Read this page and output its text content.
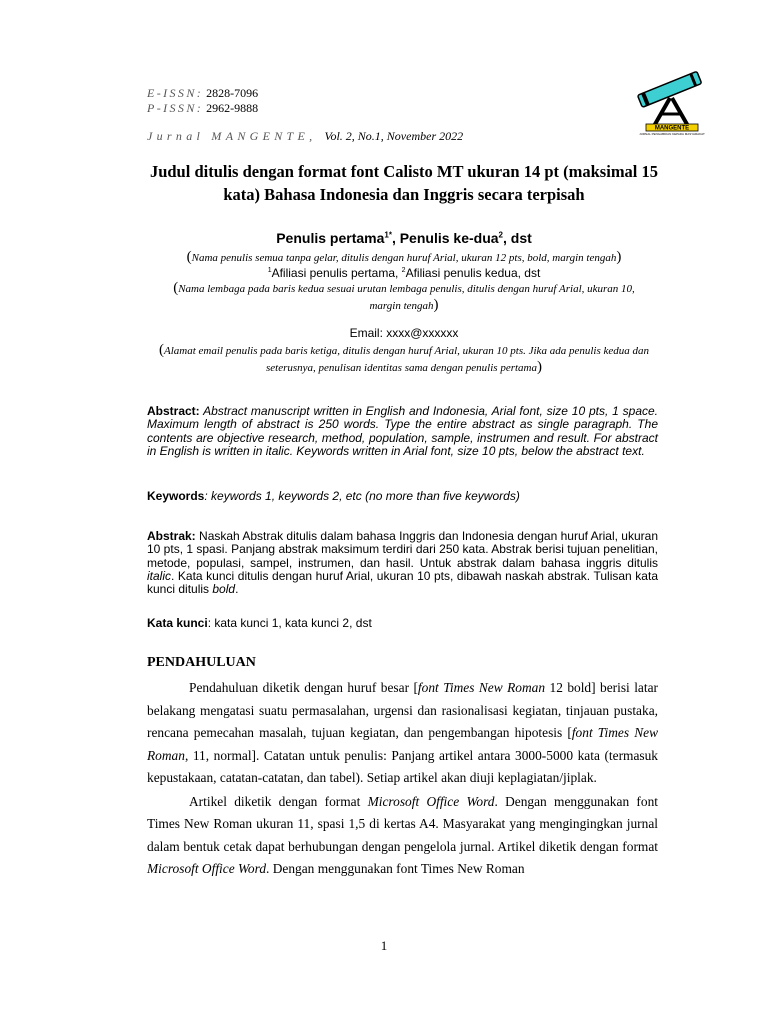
E-ISSN: 2828-7096
P-ISSN: 2962-9888
Jurnal MANGENTE, Vol. 2, No.1, November 2022
MANGENTE
JURNAL PENGABDIAN KEPADA MASYARAKAT
Judul ditulis dengan format font Calisto MT ukuran 14 pt (maksimal 15 kata) Bahasa Indonesia dan Inggris secara terpisah
Penulis pertama$^{1*}$, Penulis ke-dua$^2$, dst
(Nama penulis semua tanpa gelar, ditulis dengan huruf Arial, ukuran 12 pts, bold, margin tengah)
$^1$Afiliasi penulis pertama, $^2$Afiliasi penulis kedua, dst
(Nama lembaga pada baris kedua sesuai urutan lembaga penulis, ditulis dengan huruf Arial, ukuran 10, margin tengah)
Email: xxxx@xxxxxx
(Alamat email penulis pada baris ketiga, ditulis dengan huruf Arial, ukuran 10 pts. Jika ada penulis kedua dan seterusnya, penulisan identitas sama dengan penulis pertama)
Abstract: Abstract manuscript written in English and Indonesia, Arial font, size 10 pts, 1 space. Maximum length of abstract is 250 words. Type the entire abstract as single paragraph. The contents are objective research, method, population, sample, instrumen and result. For abstract in English is written in italic. Keywords written in Arial font, size 10 pts, below the abstract text.
Keywords: keywords 1, keywords 2, etc (no more than five keywords)
Abstrak: Naskah Abstrak ditulis dalam bahasa Inggris dan Indonesia dengan huruf Arial, ukuran 10 pts, 1 spasi. Panjang abstrak maksimum terdiri dari 250 kata. Abstrak berisi tujuan penelitian, metode, populasi, sampel, instrumen, dan hasil. Untuk abstrak dalam bahasa inggris ditulis italic. Kata kunci ditulis dengan huruf Arial, ukuran 10 pts, dibawah naskah abstrak. Tulisan kata kunci ditulis bold.
Kata kunci: kata kunci 1, kata kunci 2, dst
PENDAHULUAN

Pendahuluan diketik dengan huruf besar [font Times New Roman 12 bold] berisi latar belakang mengatasi suatu permasalahan, urgensi dan rasionalisasi kegiatan, tinjauan pustaka, rencana pemecahan masalah, tujuan kegiatan, dan pengembangan hipotesis [font Times New Roman, 11, normal]. Catatan untuk penulis: Panjang artikel antara 3000-5000 kata (termasuk kepustakaan, catatan-catatan, dan tabel). Setiap artikel akan diuji keplagiatan/jiplak.

Artikel diketik dengan format Microsoft Office Word. Dengan menggunakan font Times New Roman ukuran 11, spasi 1,5 di kertas A4. Masyarakat yang mengingingkan jurnal dalam bentuk cetak dapat berhubungan dengan pengelola jurnal. Artikel diketik dengan format Microsoft Office Word. Dengan menggunakan font Times New Roman

1
